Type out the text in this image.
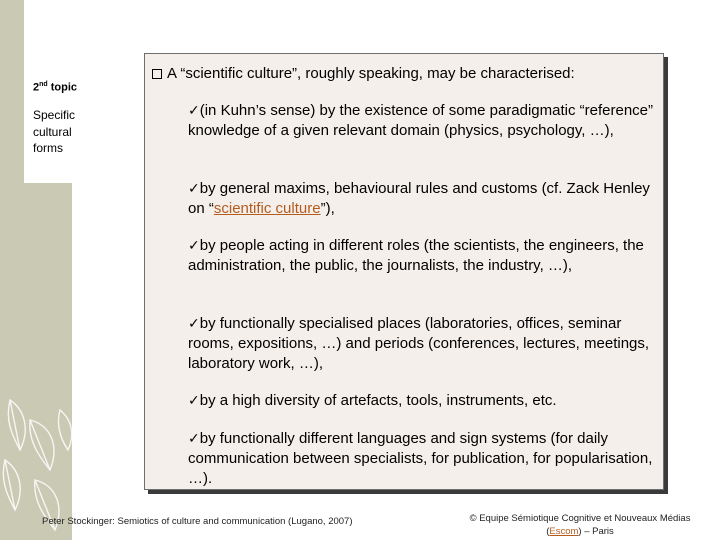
2nd topic
Specific
cultural
forms
A “scientific culture”, roughly speaking, may be characterised:
✓(in Kuhn’s sense) by the existence of some paradigmatic “reference” knowledge of a given relevant domain (physics, psychology, …),
✓by general maxims, behavioural rules and customs (cf. Zack Henley on “scientific culture”),
✓by people acting in different roles (the scientists, the engineers, the administration, the public, the journalists, the industry, …),
✓by functionally specialised places (laboratories, offices, seminar rooms, expositions, …) and periods (conferences, lectures, meetings, laboratory work, …),
✓by a high diversity of artefacts, tools, instruments, etc.
✓by functionally different languages and sign systems (for daily communication between specialists, for publication, for popularisation, …).
Peter Stockinger: Semiotics of culture and communication (Lugano, 2007)	© Equipe Sémiotique Cognitive et Nouveaux Médias
(Escom) – Paris
